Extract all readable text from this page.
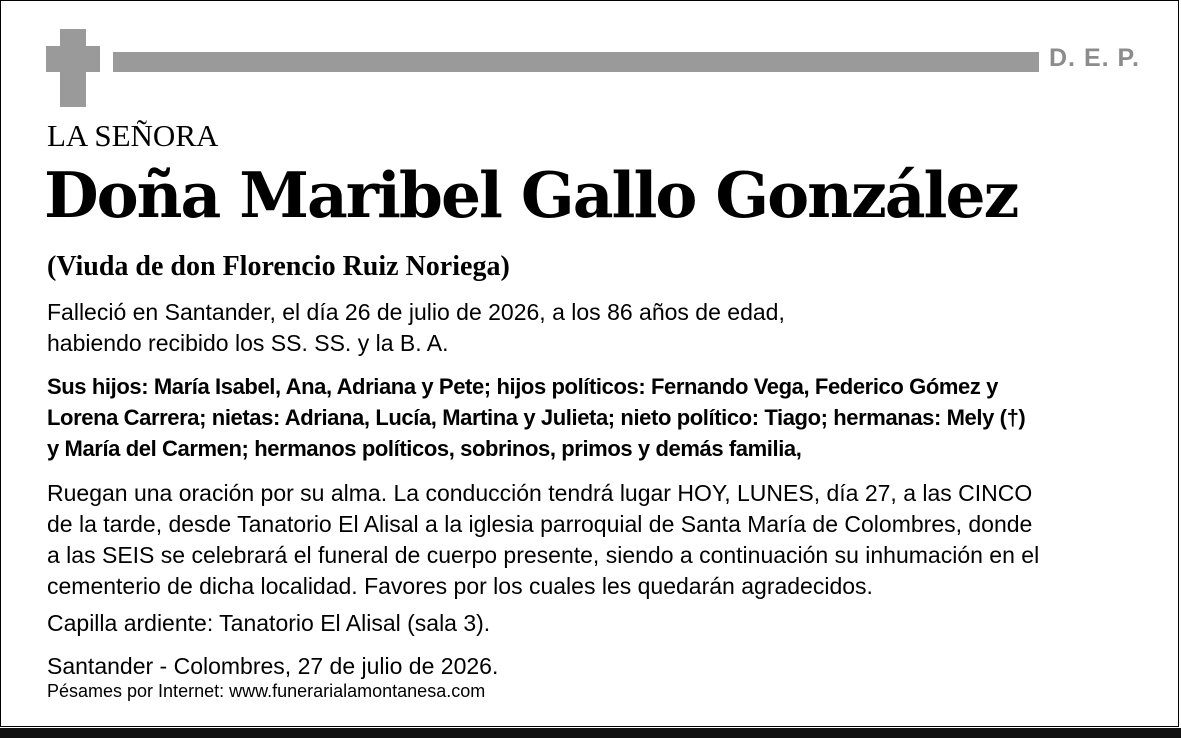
D. E. P.
LA SEÑORA
Doña Maribel Gallo González
(Viuda de don Florencio Ruiz Noriega)
Falleció en Santander, el día 26 de julio de 2026, a los 86 años de edad,
habiendo recibido los SS. SS. y la B. A.
Sus hijos: María Isabel, Ana, Adriana y Pete; hijos políticos: Fernando Vega, Federico Gómez y
Lorena Carrera; nietas: Adriana, Lucía, Martina y Julieta; nieto político: Tiago; hermanas: Mely (†)
y María del Carmen; hermanos políticos, sobrinos, primos y demás familia,
Ruegan una oración por su alma. La conducción tendrá lugar HOY, LUNES, día 27, a las CINCO
de la tarde, desde Tanatorio El Alisal a la iglesia parroquial de Santa María de Colombres, donde
a las SEIS se celebrará el funeral de cuerpo presente, siendo a continuación su inhumación en el
cementerio de dicha localidad. Favores por los cuales les quedarán agradecidos.
Capilla ardiente: Tanatorio El Alisal (sala 3).
Santander - Colombres, 27 de julio de 2026.
Pésames por Internet: www.funerarialamontanesa.com
